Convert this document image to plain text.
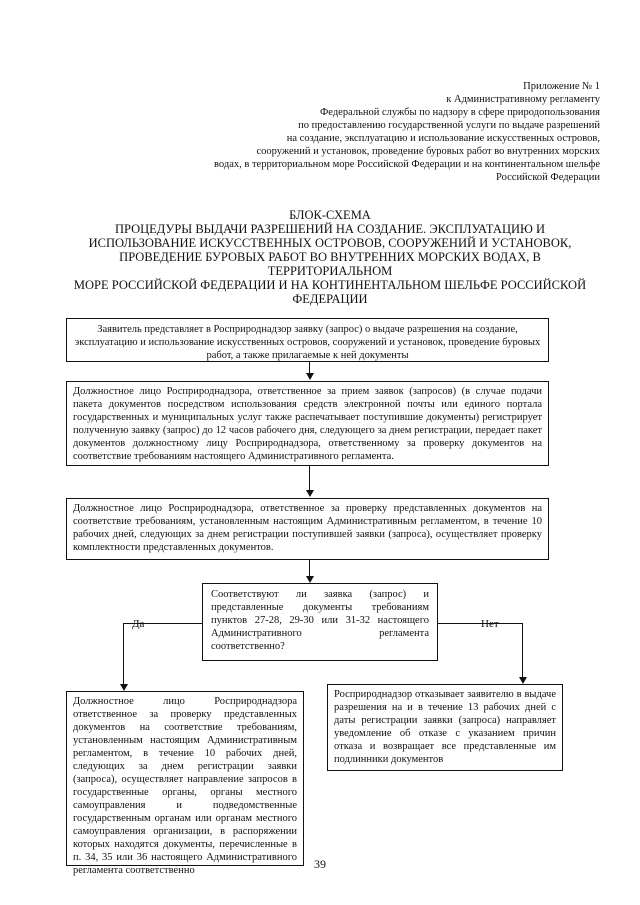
Приложение № 1
к Административному регламенту
Федеральной службы по надзору в сфере природопользования
по предоставлению государственной услуги по выдаче разрешений
на создание, эксплуатацию и использование искусственных островов,
сооружений и установок, проведение буровых работ во внутренних морских
водах, в территориальном море Российской Федерации и на континентальном шельфе
Российской Федерации
БЛОК-СХЕМА
ПРОЦЕДУРЫ ВЫДАЧИ РАЗРЕШЕНИЙ НА СОЗДАНИЕ. ЭКСПЛУАТАЦИЮ И
ИСПОЛЬЗОВАНИЕ ИСКУССТВЕННЫХ ОСТРОВОВ, СООРУЖЕНИЙ И УСТАНОВОК,
ПРОВЕДЕНИЕ БУРОВЫХ РАБОТ ВО ВНУТРЕННИХ МОРСКИХ ВОДАХ, В ТЕРРИТОРИАЛЬНОМ
МОРЕ РОССИЙСКОЙ ФЕДЕРАЦИИ И НА КОНТИНЕНТАЛЬНОМ ШЕЛЬФЕ РОССИЙСКОЙ
ФЕДЕРАЦИИ
Заявитель представляет в Росприроднадзор заявку (запрос) о выдаче разрешения на создание, эксплуатацию и использование искусственных островов, сооружений и установок, проведение буровых работ, а также прилагаемые к ней документы
Должностное лицо Росприроднадзора, ответственное за прием заявок (запросов) (в случае подачи пакета документов посредством использования средств электронной почты или единого портала государственных и муниципальных услуг также распечатывает поступившие документы) регистрирует полученную заявку (запрос) до 12 часов рабочего дня, следующего за днем регистрации, передает пакет документов должностному лицу Росприроднадзора, ответственному за проверку документов на соответствие требованиям настоящего Административного регламента.
Должностное лицо Росприроднадзора, ответственное за проверку представленных документов на соответствие требованиям, установленным настоящим Административным регламентом, в течение 10 рабочих дней, следующих за днем регистрации поступившей заявки (запроса), осуществляет проверку комплектности представленных документов.
Соответствуют ли заявка (запрос) и представленные документы требованиям пунктов 27-28, 29-30 или 31-32 настоящего Административного регламента соответственно?
Да	Нет
Должностное лицо Росприроднадзора ответственное за проверку представленных документов на соответствие требованиям, установленным настоящим Административным регламентом, в течение 10 рабочих дней, следующих за днем регистрации заявки (запроса), осуществляет направление запросов в государственные органы, органы местного самоуправления и подведомственные государственным органам или органам местного самоуправления организации, в распоряжении которых находятся документы, перечисленные в п. 34, 35 или 36 настоящего Административного регламента соответственно
Росприроднадзор отказывает заявителю в выдаче разрешения на и в течение 13 рабочих дней с даты регистрации заявки (запроса) направляет уведомление об отказе с указанием причин отказа и возвращает все представленные им подлинники документов
39
